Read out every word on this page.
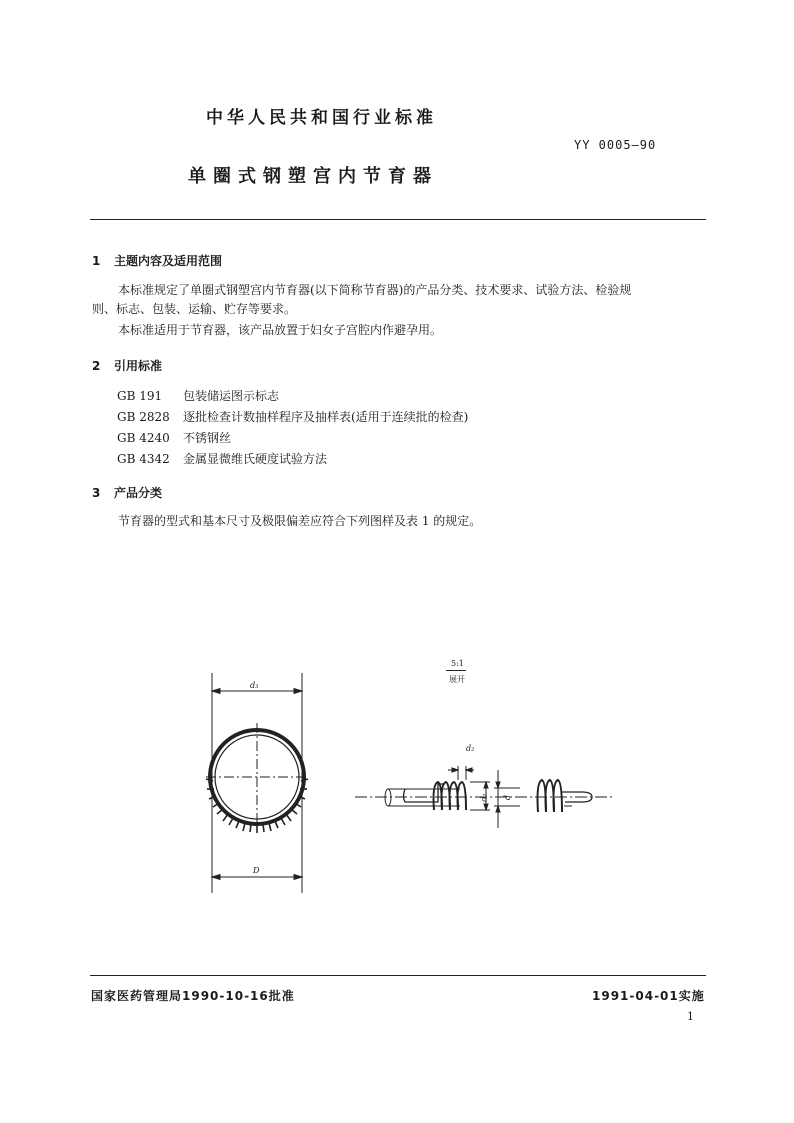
中华人民共和国行业标准
YY 0005—90
单圈式钢塑宫内节育器
1 主题内容及适用范围
本标准规定了单圈式钢塑宫内节育器(以下简称节育器)的产品分类、技术要求、试验方法、检验规
则、标志、包装、运输、贮存等要求。
本标准适用于节育器，该产品放置于妇女子宫腔内作避孕用。
2 引用标准
GB 191 包装储运图示标志
GB 2828 逐批检查计数抽样程序及抽样表(适用于连续批的检查)
GB 4240 不锈钢丝
GB 4342 金属显微维氏硬度试验方法
3 产品分类
节育器的型式和基本尺寸及极限偏差应符合下列图样及表 1 的规定。
d₃
D
5:1
展开
d₂
d₁ d
国家医药管理局1990-10-16批准	1991-04-01实施
1
